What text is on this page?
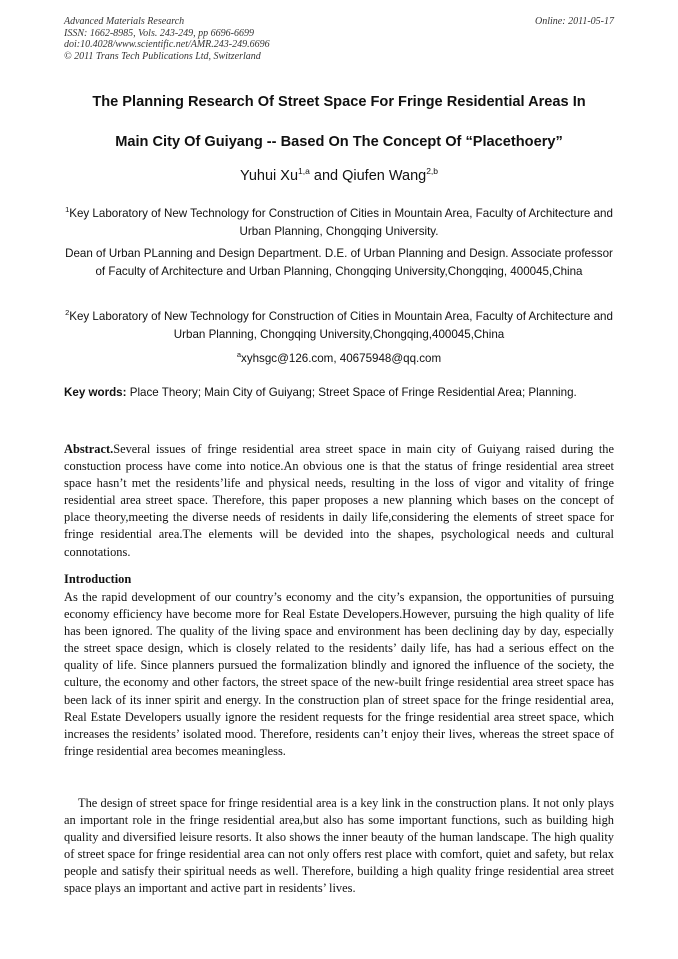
Advanced Materials Research
ISSN: 1662-8985, Vols. 243-249, pp 6696-6699
doi:10.4028/www.scientific.net/AMR.243-249.6696
© 2011 Trans Tech Publications Ltd, Switzerland
Online: 2011-05-17
The Planning Research Of Street Space For Fringe Residential Areas In
Main City Of Guiyang -- Based On The Concept Of “Placethoery”
Yuhui Xu$^{1,a}$ and Qiufen Wang$^{2,b}$
$^1$Key Laboratory of New Technology for Construction of Cities in Mountain Area, Faculty of Architecture and Urban Planning, Chongqing University.
Dean of Urban PLanning and Design Department. D.E. of Urban Planning and Design. Associate professor of Faculty of Architecture and Urban Planning, Chongqing University,Chongqing, 400045,China
$^2$Key Laboratory of New Technology for Construction of Cities in Mountain Area, Faculty of Architecture and Urban Planning, Chongqing University,Chongqing,400045,China
$^a$xyhsgc@126.com, 40675948@qq.com
Key words: Place Theory; Main City of Guiyang; Street Space of Fringe Residential Area; Planning.
Abstract.Several issues of fringe residential area street space in main city of Guiyang raised during the constuction process have come into notice.An obvious one is that the status of fringe residential area street space hasn’t met the residents’life and physical needs, resulting in the loss of vigor and vitality of fringe residential area street space. Therefore, this paper proposes a new planning which bases on the concept of place theory,meeting the diverse needs of residents in daily life,considering the elements of street space for fringe residential area.The elements will be devided into the shapes, psychological needs and cultural connotations.
Introduction

As the rapid development of our country’s economy and the city’s expansion, the opportunities of pursuing economy efficiency have become more for Real Estate Developers.However, pursuing the high quality of life has been ignored. The quality of the living space and environment has been declining day by day, especially the street space design, which is closely related to the residents’ daily life, has had a serious effect on the quality of life. Since planners pursued the formalization blindly and ignored the influence of the society, the culture, the economy and other factors, the street space of the new-built fringe residential area street space has been lack of its inner spirit and energy. In the construction plan of street space for the fringe residential area, Real Estate Developers usually ignore the resident requests for the fringe residential area street space, which increases the residents’ isolated mood. Therefore, residents can’t enjoy their lives, whereas the street space of fringe residential area becomes meaningless.

The design of street space for fringe residential area is a key link in the construction plans. It not only plays an important role in the fringe residential area,but also has some important functions, such as building high quality and diversified leisure resorts. It also shows the inner beauty of the human landscape. The high quality of street space for fringe residential area can not only offers rest place with comfort, quiet and safety, but relax people and satisfy their spiritual needs as well. Therefore, building a high quality fringe residential area street space plays an important and active part in residents’ lives.
